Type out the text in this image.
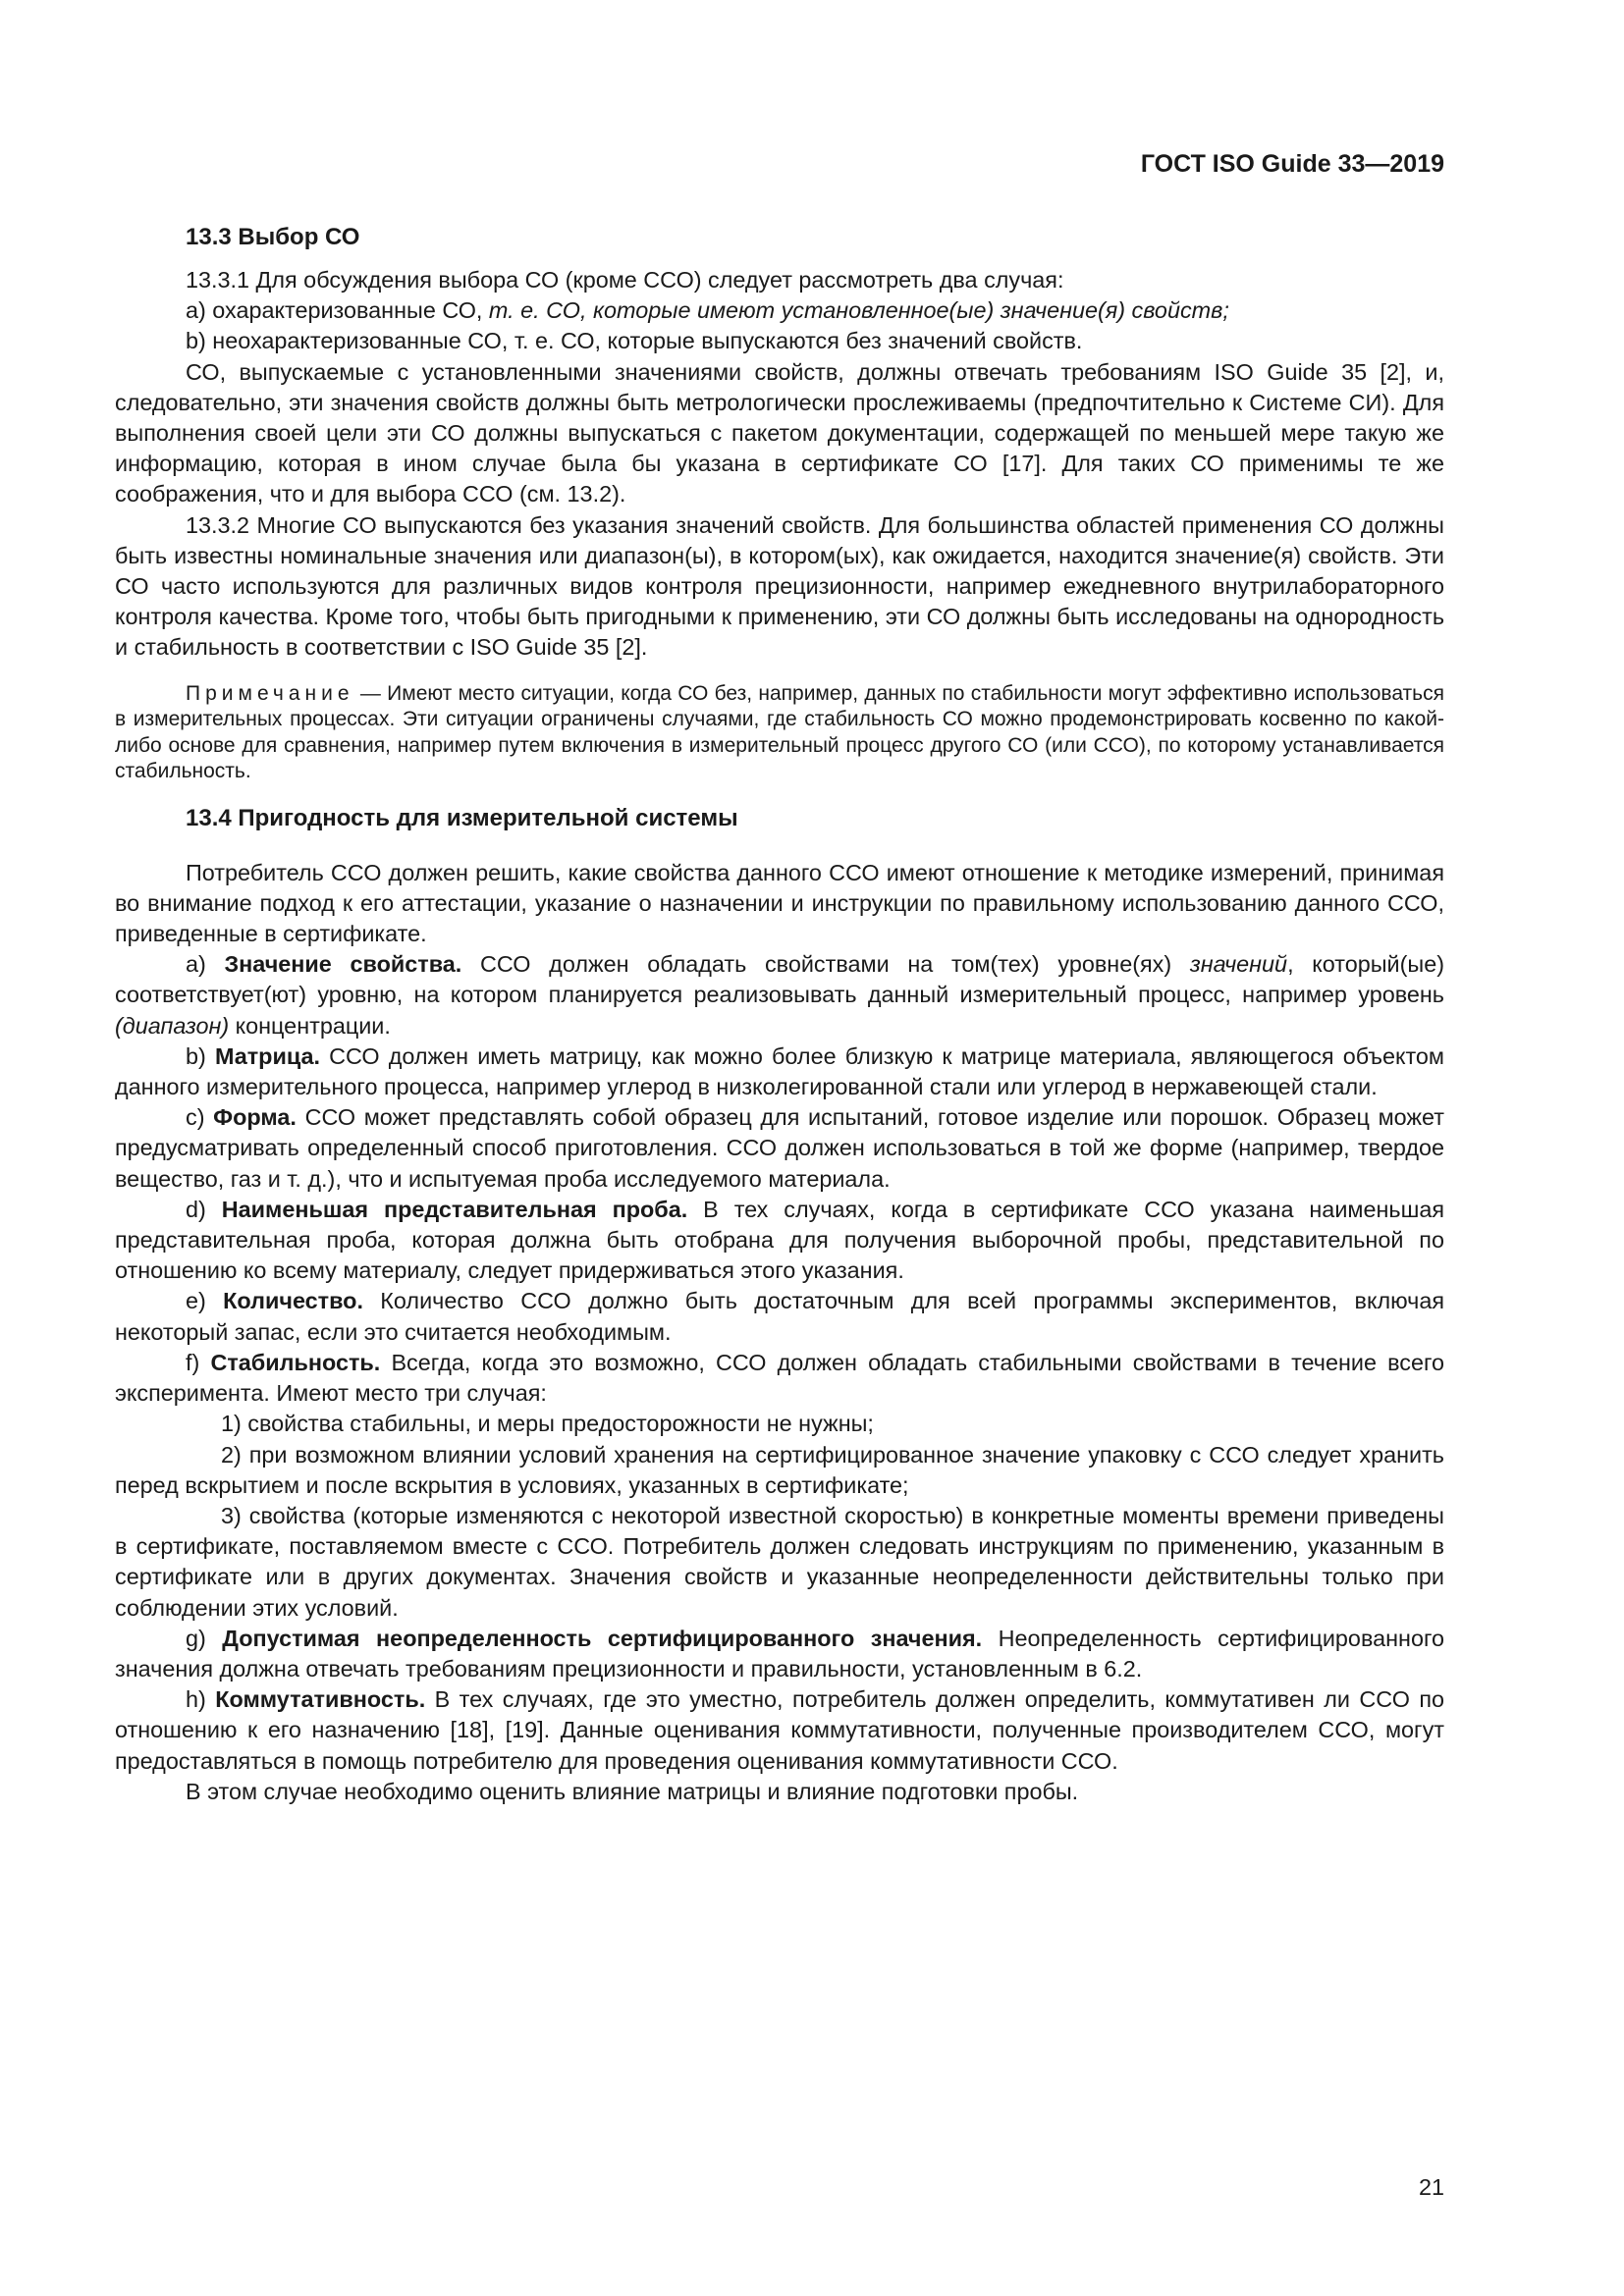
ГОСТ ISO Guide 33—2019

13.3 Выбор СО

13.3.1 Для обсуждения выбора СО (кроме ССО) следует рассмотреть два случая:

a) охарактеризованные СО, т. е. СО, которые имеют установленное(ые) значение(я) свойств;

b) неохарактеризованные СО, т. е. СО, которые выпускаются без значений свойств.

СО, выпускаемые с установленными значениями свойств, должны отвечать требованиям ISO Guide 35 [2], и, следовательно, эти значения свойств должны быть метрологически прослеживаемы (предпочтительно к Системе СИ). Для выполнения своей цели эти СО должны выпускаться с пакетом документации, содержащей по меньшей мере такую же информацию, которая в ином случае была бы указана в сертификате СО [17]. Для таких СО применимы те же соображения, что и для выбора ССО (см. 13.2).

13.3.2 Многие СО выпускаются без указания значений свойств. Для большинства областей применения СО должны быть известны номинальные значения или диапазон(ы), в котором(ых), как ожидается, находится значение(я) свойств. Эти СО часто используются для различных видов контроля прецизионности, например ежедневного внутрилабораторного контроля качества. Кроме того, чтобы быть пригодными к применению, эти СО должны быть исследованы на однородность и стабильность в соответствии с ISO Guide 35 [2].

Примечание — Имеют место ситуации, когда СО без, например, данных по стабильности могут эффективно использоваться в измерительных процессах. Эти ситуации ограничены случаями, где стабильность СО можно продемонстрировать косвенно по какой-либо основе для сравнения, например путем включения в измерительный процесс другого СО (или ССО), по которому устанавливается стабильность.

13.4 Пригодность для измерительной системы

Потребитель ССО должен решить, какие свойства данного ССО имеют отношение к методике измерений, принимая во внимание подход к его аттестации, указание о назначении и инструкции по правильному использованию данного ССО, приведенные в сертификате.

a) Значение свойства. ССО должен обладать свойствами на том(тех) уровне(ях) значений, который(ые) соответствует(ют) уровню, на котором планируется реализовывать данный измерительный процесс, например уровень (диапазон) концентрации.

b) Матрица. ССО должен иметь матрицу, как можно более близкую к матрице материала, являющегося объектом данного измерительного процесса, например углерод в низколегированной стали или углерод в нержавеющей стали.

c) Форма. ССО может представлять собой образец для испытаний, готовое изделие или порошок. Образец может предусматривать определенный способ приготовления. ССО должен использоваться в той же форме (например, твердое вещество, газ и т. д.), что и испытуемая проба исследуемого материала.

d) Наименьшая представительная проба. В тех случаях, когда в сертификате ССО указана наименьшая представительная проба, которая должна быть отобрана для получения выборочной пробы, представительной по отношению ко всему материалу, следует придерживаться этого указания.

e) Количество. Количество ССО должно быть достаточным для всей программы экспериментов, включая некоторый запас, если это считается необходимым.

f) Стабильность. Всегда, когда это возможно, ССО должен обладать стабильными свойствами в течение всего эксперимента. Имеют место три случая:

1) свойства стабильны, и меры предосторожности не нужны;

2) при возможном влиянии условий хранения на сертифицированное значение упаковку с ССО следует хранить перед вскрытием и после вскрытия в условиях, указанных в сертификате;

3) свойства (которые изменяются с некоторой известной скоростью) в конкретные моменты времени приведены в сертификате, поставляемом вместе с ССО. Потребитель должен следовать инструкциям по применению, указанным в сертификате или в других документах. Значения свойств и указанные неопределенности действительны только при соблюдении этих условий.

g) Допустимая неопределенность сертифицированного значения. Неопределенность сертифицированного значения должна отвечать требованиям прецизионности и правильности, установленным в 6.2.

h) Коммутативность. В тех случаях, где это уместно, потребитель должен определить, коммутативен ли ССО по отношению к его назначению [18], [19]. Данные оценивания коммутативности, полученные производителем ССО, могут предоставляться в помощь потребителю для проведения оценивания коммутативности ССО.

В этом случае необходимо оценить влияние матрицы и влияние подготовки пробы.

21
